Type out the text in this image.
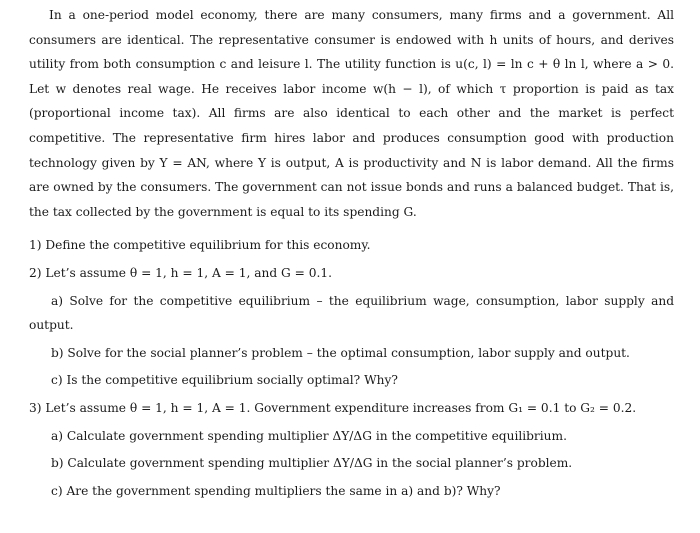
In a one-period model economy, there are many consumers, many firms and a government. All consumers are identical. The representative consumer is endowed with h units of hours, and derives utility from both consumption c and leisure l. The utility function is u(c, l) = ln c + θ ln l, where a > 0. Let w denotes real wage. He receives labor income w(h − l), of which τ proportion is paid as tax (proportional income tax). All firms are also identical to each other and the market is perfect competitive. The representative firm hires labor and produces consumption good with production technology given by Y = AN, where Y is output, A is productivity and N is labor demand. All the firms are owned by the consumers. The government can not issue bonds and runs a balanced budget. That is, the tax collected by the government is equal to its spending G.

1) Define the competitive equilibrium for this economy.

2) Let’s assume θ = 1, h = 1, A = 1, and G = 0.1.

a) Solve for the competitive equilibrium – the equilibrium wage, consumption, labor supply and output.

b) Solve for the social planner’s problem – the optimal consumption, labor supply and output.

c) Is the competitive equilibrium socially optimal? Why?

3) Let’s assume θ = 1, h = 1, A = 1. Government expenditure increases from G₁ = 0.1 to G₂ = 0.2.

a) Calculate government spending multiplier ΔY/ΔG in the competitive equilibrium.

b) Calculate government spending multiplier ΔY/ΔG in the social planner’s problem.

c) Are the government spending multipliers the same in a) and b)? Why?
